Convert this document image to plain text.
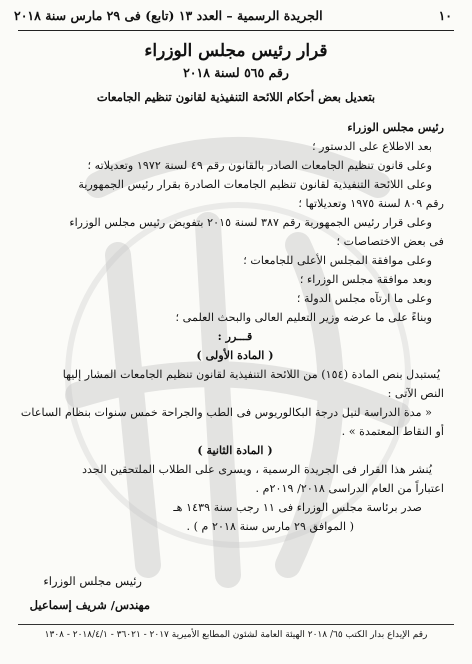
١٠
الجريدة الرسمية – العدد ١٣ (تابع) فى ٢٩ مارس سنة ٢٠١٨
قرار رئيس مجلس الوزراء
رقم ٥٦٥ لسنة ٢٠١٨
بتعديل بعض أحكام اللائحة التنفيذية لقانون تنظيم الجامعات
رئيس مجلس الوزراء
بعد الاطلاع على الدستور ؛
وعلى قانون تنظيم الجامعات الصادر بالقانون رقم ٤٩ لسنة ١٩٧٢ وتعديلاته ؛
وعلى اللائحة التنفيذية لقانون تنظيم الجامعات الصادرة بقرار رئيس الجمهورية
رقم ٨٠٩ لسنة ١٩٧٥ وتعديلاتها ؛
وعلى قرار رئيس الجمهورية رقم ٣٨٧ لسنة ٢٠١٥ بتفويض رئيس مجلس الوزراء
فى بعض الاختصاصات ؛
وعلى موافقة المجلس الأعلى للجامعات ؛
وبعد موافقة مجلس الوزراء ؛
وعلى ما ارتآه مجلس الدولة ؛
وبناءً على ما عرضه وزير التعليم العالى والبحث العلمى ؛
قـــرر :
( المادة الأولى )
يُستبدل بنص المادة (١٥٤) من اللائحة التنفيذية لقانون تنظيم الجامعات المشار إليها
النص الآتى :
« مدة الدراسة لنيل درجة البكالوريوس فى الطب والجراحة خمس سنوات بنظام الساعات
أو النقاط المعتمدة » .
( المادة الثانية )
يُنشر هذا القرار فى الجريدة الرسمية ، ويسرى على الطلاب الملتحقين الجدد
اعتباراً من العام الدراسى ٢٠١٨/ ٢٠١٩م .
صدر برئاسة مجلس الوزراء فى ١١ رجب سنة ١٤٣٩ هـ
( الموافق ٢٩ مارس سنة ٢٠١٨ م ) .
رئيس مجلس الوزراء
مهندس/ شريف إسماعيل
رقم الإيداع بدار الكتب ٦٥/ ٢٠١٨ الهيئة العامة لشئون المطابع الأميرية ٢٠١٧ - ٣٦٠٢١ - ٢٠١٨/٤/١ - ١٣٠٨
